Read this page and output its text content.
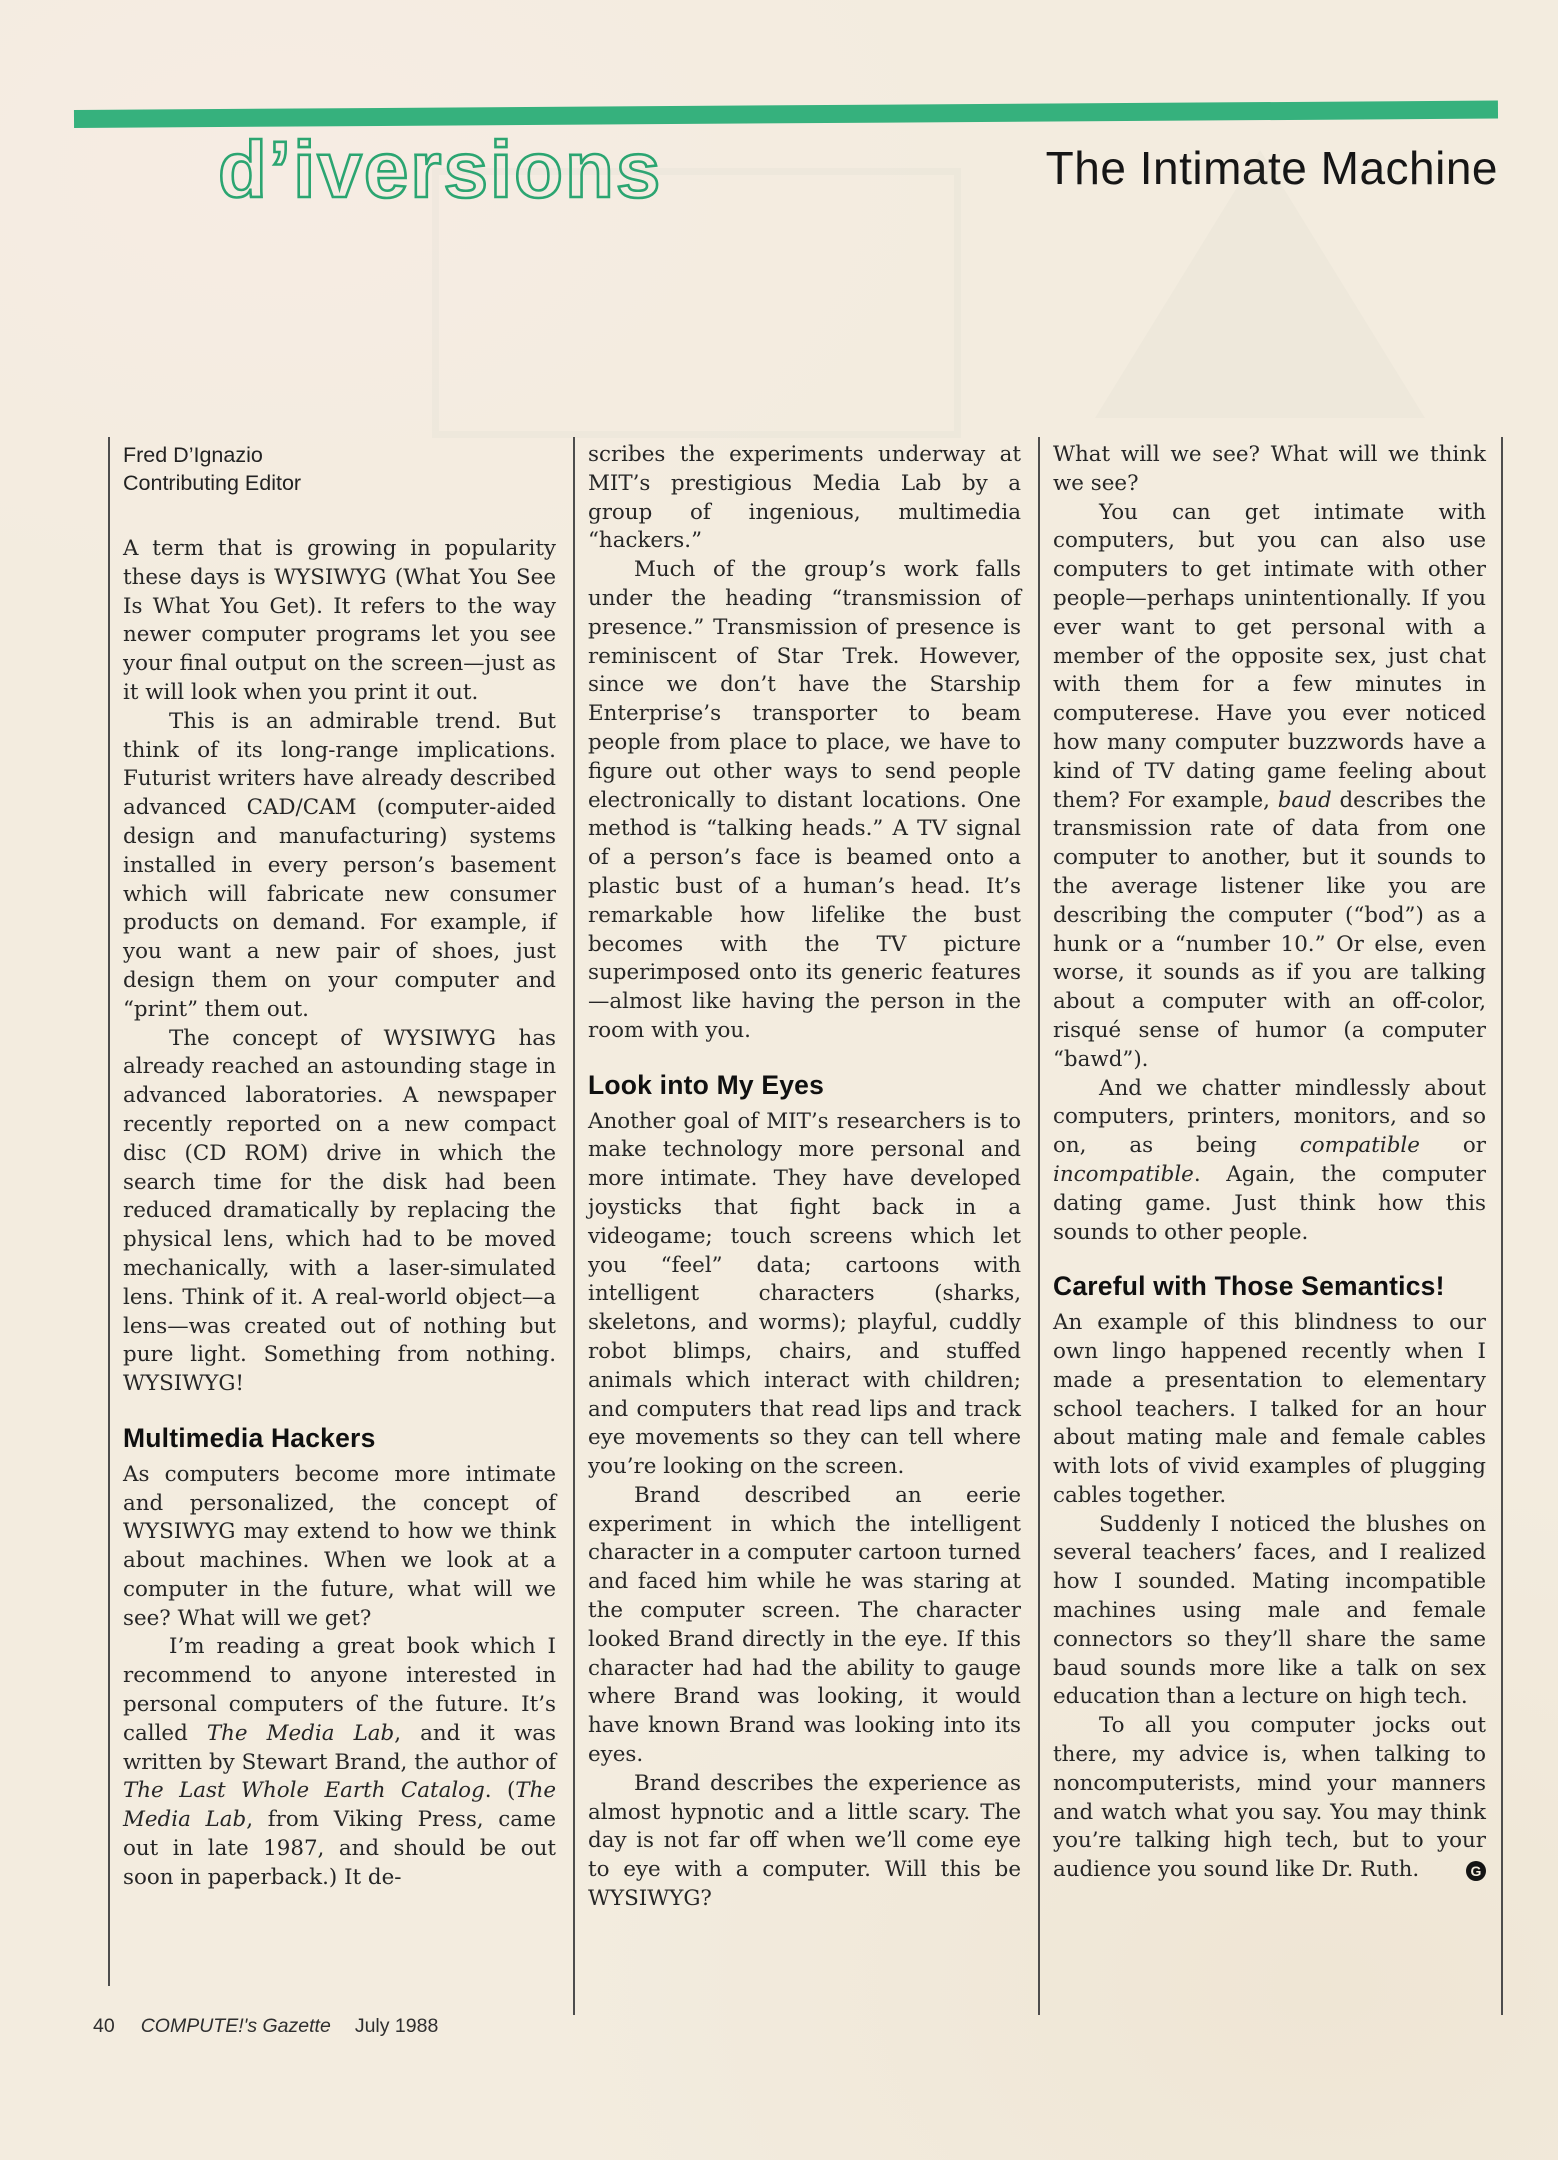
d’iversions	The Intimate Machine
Fred D’Ignazio
Contributing Editor

A term that is growing in popularity these days is WYSIWYG (What You See Is What You Get). It refers to the way newer computer programs let you see your final output on the screen—just as it will look when you print it out.

This is an admirable trend. But think of its long-range implications. Futurist writers have already described advanced CAD/CAM (computer-aided design and manufacturing) systems installed in every person’s basement which will fabricate new consumer products on demand. For example, if you want a new pair of shoes, just design them on your computer and “print” them out.

The concept of WYSIWYG has already reached an astounding stage in advanced laboratories. A newspaper recently reported on a new compact disc (CD ROM) drive in which the search time for the disk had been reduced dramatically by replacing the physical lens, which had to be moved mechanically, with a laser-simulated lens. Think of it. A real-world object—a lens—was created out of nothing but pure light. Something from nothing. WYSIWYG!

Multimedia Hackers

As computers become more intimate and personalized, the concept of WYSIWYG may extend to how we think about machines. When we look at a computer in the future, what will we see? What will we get?

I’m reading a great book which I recommend to anyone interested in personal computers of the future. It’s called The Media Lab, and it was written by Stewart Brand, the author of The Last Whole Earth Catalog. (The Media Lab, from Viking Press, came out in late 1987, and should be out soon in paperback.) It de-

scribes the experiments underway at MIT’s prestigious Media Lab by a group of ingenious, multimedia “hackers.”

Much of the group’s work falls under the heading “transmission of presence.” Transmission of presence is reminiscent of Star Trek. However, since we don’t have the Starship Enterprise’s transporter to beam people from place to place, we have to figure out other ways to send people electronically to distant locations. One method is “talking heads.” A TV signal of a person’s face is beamed onto a plastic bust of a human’s head. It’s remarkable how lifelike the bust becomes with the TV picture superimposed onto its generic features—almost like having the person in the room with you.

Look into My Eyes

Another goal of MIT’s researchers is to make technology more personal and more intimate. They have developed joysticks that fight back in a videogame; touch screens which let you “feel” data; cartoons with intelligent characters (sharks, skeletons, and worms); playful, cuddly robot blimps, chairs, and stuffed animals which interact with children; and computers that read lips and track eye movements so they can tell where you’re looking on the screen.

Brand described an eerie experiment in which the intelligent character in a computer cartoon turned and faced him while he was staring at the computer screen. The character looked Brand directly in the eye. If this character had had the ability to gauge where Brand was looking, it would have known Brand was looking into its eyes.

Brand describes the experience as almost hypnotic and a little scary. The day is not far off when we’ll come eye to eye with a computer. Will this be WYSIWYG?

What will we see? What will we think we see?

You can get intimate with computers, but you can also use computers to get intimate with other people—perhaps unintentionally. If you ever want to get personal with a member of the opposite sex, just chat with them for a few minutes in computerese. Have you ever noticed how many computer buzzwords have a kind of TV dating game feeling about them? For example, baud describes the transmission rate of data from one computer to another, but it sounds to the average listener like you are describing the computer (“bod”) as a hunk or a “number 10.” Or else, even worse, it sounds as if you are talking about a computer with an off-color, risqué sense of humor (a computer “bawd”).

And we chatter mindlessly about computers, printers, monitors, and so on, as being compatible or incompatible. Again, the computer dating game. Just think how this sounds to other people.

Careful with Those Semantics!

An example of this blindness to our own lingo happened recently when I made a presentation to elementary school teachers. I talked for an hour about mating male and female cables with lots of vivid examples of plugging cables together.

Suddenly I noticed the blushes on several teachers’ faces, and I realized how I sounded. Mating incompatible machines using male and female connectors so they’ll share the same baud sounds more like a talk on sex education than a lecture on high tech.

To all you computer jocks out there, my advice is, when talking to noncomputerists, mind your manners and watch what you say. You may think you’re talking high tech, but to your audience you sound like Dr. Ruth.	G

40 COMPUTE!'s Gazette July 1988
